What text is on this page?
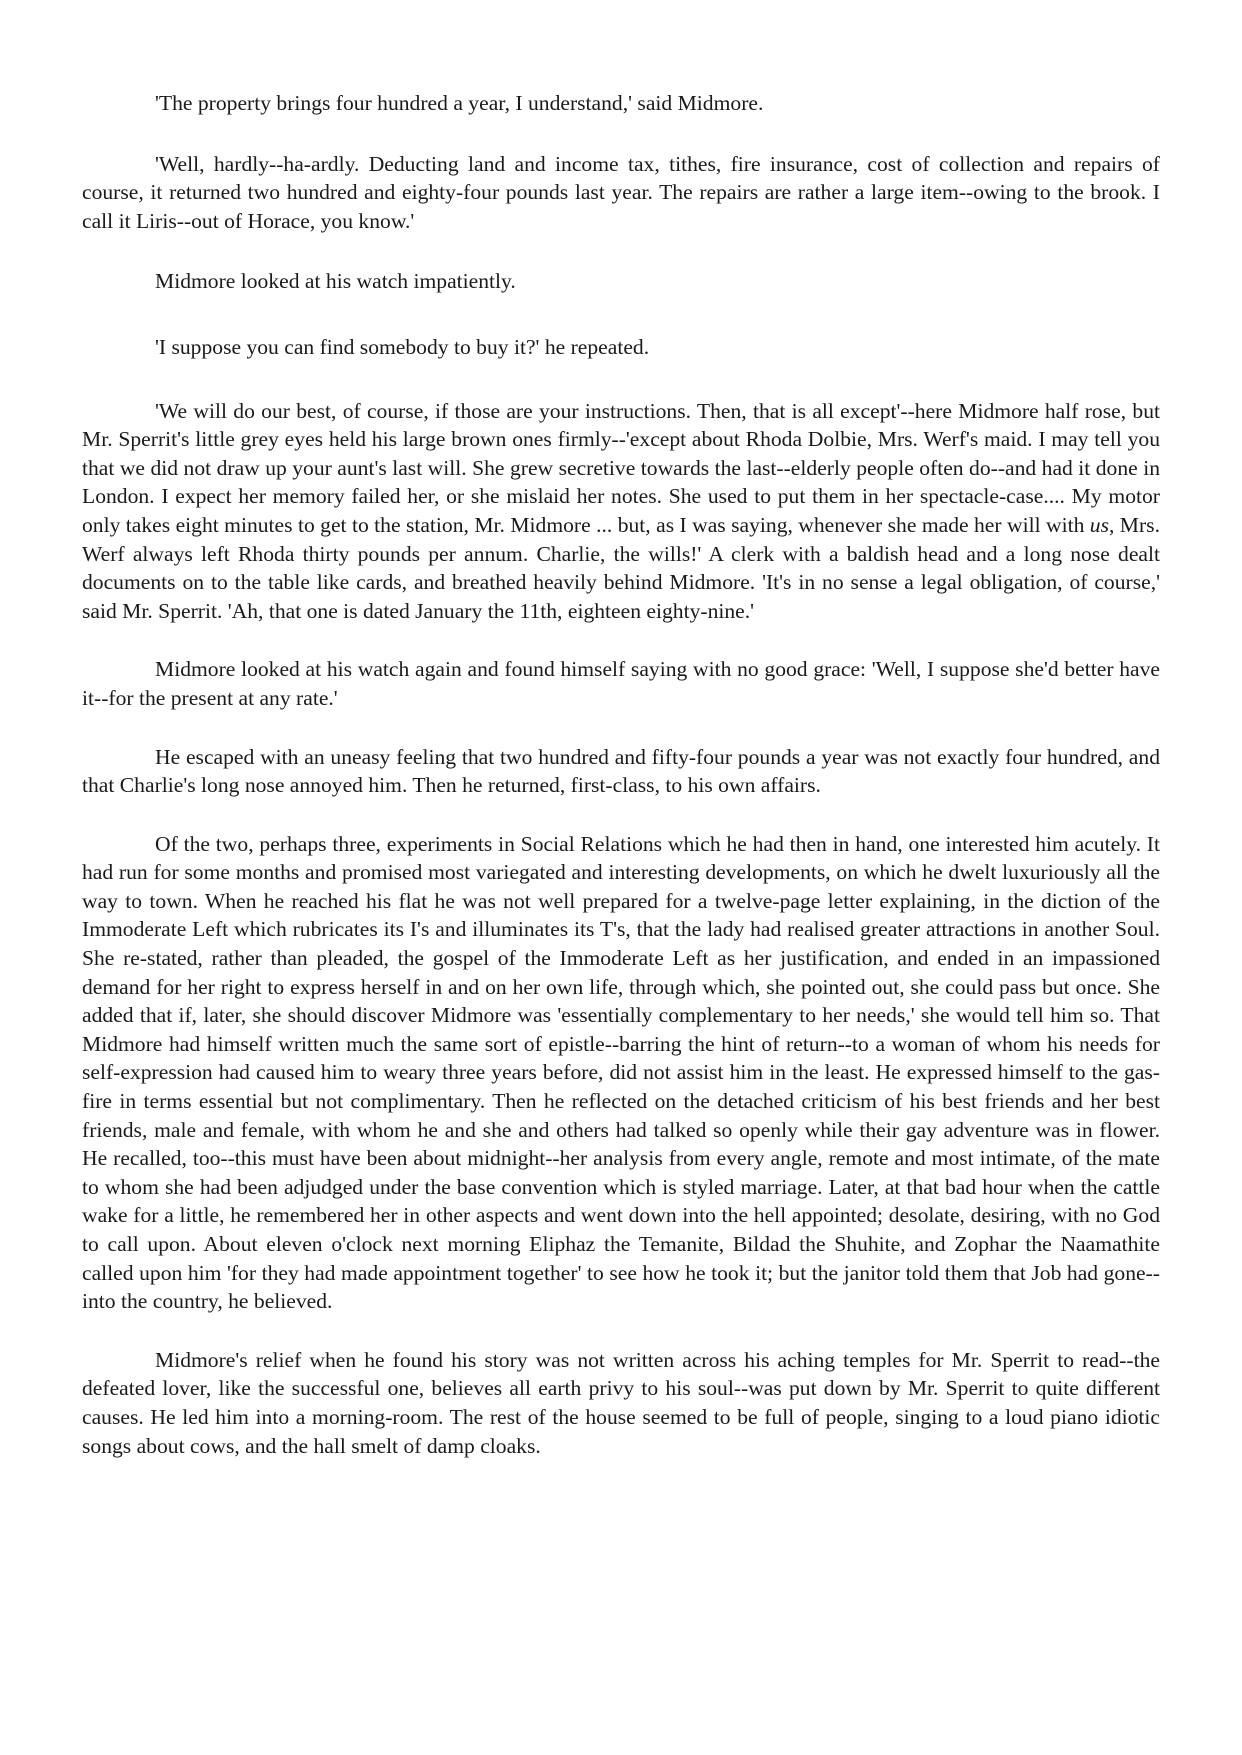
'The property brings four hundred a year, I understand,' said Midmore.

'Well, hardly--ha-ardly. Deducting land and income tax, tithes, fire insurance, cost of collection and repairs of course, it returned two hundred and eighty-four pounds last year. The repairs are rather a large item--owing to the brook. I call it Liris--out of Horace, you know.'

Midmore looked at his watch impatiently.

'I suppose you can find somebody to buy it?' he repeated.

'We will do our best, of course, if those are your instructions. Then, that is all except'--here Midmore half rose, but Mr. Sperrit's little grey eyes held his large brown ones firmly--'except about Rhoda Dolbie, Mrs. Werf's maid. I may tell you that we did not draw up your aunt's last will. She grew secretive towards the last--elderly people often do--and had it done in London. I expect her memory failed her, or she mislaid her notes. She used to put them in her spectacle-case.... My motor only takes eight minutes to get to the station, Mr. Midmore ... but, as I was saying, whenever she made her will with us, Mrs. Werf always left Rhoda thirty pounds per annum. Charlie, the wills!' A clerk with a baldish head and a long nose dealt documents on to the table like cards, and breathed heavily behind Midmore. 'It's in no sense a legal obligation, of course,' said Mr. Sperrit. 'Ah, that one is dated January the 11th, eighteen eighty-nine.'

Midmore looked at his watch again and found himself saying with no good grace: 'Well, I suppose she'd better have it--for the present at any rate.'

He escaped with an uneasy feeling that two hundred and fifty-four pounds a year was not exactly four hundred, and that Charlie's long nose annoyed him. Then he returned, first-class, to his own affairs.

Of the two, perhaps three, experiments in Social Relations which he had then in hand, one interested him acutely. It had run for some months and promised most variegated and interesting developments, on which he dwelt luxuriously all the way to town. When he reached his flat he was not well prepared for a twelve-page letter explaining, in the diction of the Immoderate Left which rubricates its I's and illuminates its T's, that the lady had realised greater attractions in another Soul. She re-stated, rather than pleaded, the gospel of the Immoderate Left as her justification, and ended in an impassioned demand for her right to express herself in and on her own life, through which, she pointed out, she could pass but once. She added that if, later, she should discover Midmore was 'essentially complementary to her needs,' she would tell him so. That Midmore had himself written much the same sort of epistle--barring the hint of return--to a woman of whom his needs for self-expression had caused him to weary three years before, did not assist him in the least. He expressed himself to the gas-fire in terms essential but not complimentary. Then he reflected on the detached criticism of his best friends and her best friends, male and female, with whom he and she and others had talked so openly while their gay adventure was in flower. He recalled, too--this must have been about midnight--her analysis from every angle, remote and most intimate, of the mate to whom she had been adjudged under the base convention which is styled marriage. Later, at that bad hour when the cattle wake for a little, he remembered her in other aspects and went down into the hell appointed; desolate, desiring, with no God to call upon. About eleven o'clock next morning Eliphaz the Temanite, Bildad the Shuhite, and Zophar the Naamathite called upon him 'for they had made appointment together' to see how he took it; but the janitor told them that Job had gone--into the country, he believed.

Midmore's relief when he found his story was not written across his aching temples for Mr. Sperrit to read--the defeated lover, like the successful one, believes all earth privy to his soul--was put down by Mr. Sperrit to quite different causes. He led him into a morning-room. The rest of the house seemed to be full of people, singing to a loud piano idiotic songs about cows, and the hall smelt of damp cloaks.
